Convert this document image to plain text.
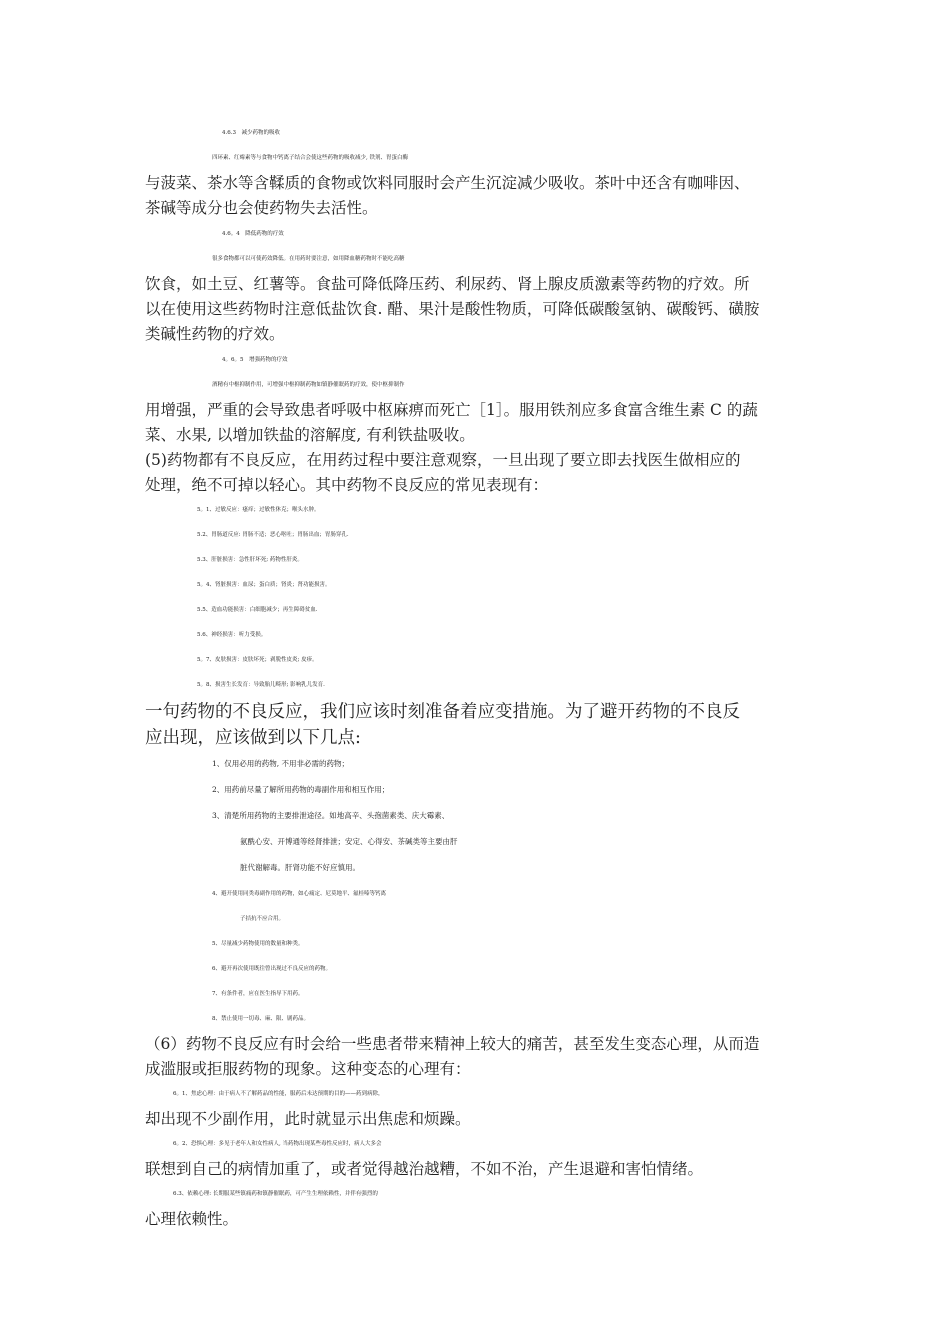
4.6.3　减少药物的吸收
四环素、红霉素等与食物中钙离子结合会使这些药物的吸收减少, 铁剂、胃蛋白酶
与菠菜、茶水等含鞣质的食物或饮料同服时会产生沉淀减少吸收。茶叶中还含有咖啡因、
茶碱等成分也会使药物失去活性。
4.6。4　降低药物的疗效
很多食物都可以可使药效降低。在用药时要注意，如用降血糖药物时不能吃高糖
饮食，如土豆、红薯等。食盐可降低降压药、利尿药、肾上腺皮质激素等药物的疗效。所
以在使用这些药物时注意低盐饮食. 醋、果汁是酸性物质，可降低碳酸氢钠、碳酸钙、磺胺
类碱性药物的疗效。
4。6。5　增强药物的疗效
酒精有中枢抑制作用，可增强中枢抑制药物如镇静催眠药的疗效，使中枢抑制作
用增强，严重的会导致患者呼吸中枢麻痹而死亡［1］。服用铁剂应多食富含维生素 C 的蔬
菜、水果, 以增加铁盐的溶解度, 有利铁盐吸收。
(5)药物都有不良反应，在用药过程中要注意观察，一旦出现了要立即去找医生做相应的
处理，绝不可掉以轻心。其中药物不良反应的常见表现有：
5。1、过敏反应：瘙痒；过敏性休克；喉头水肿。
5.2、胃肠道反应: 胃肠不适；恶心呕吐；胃肠出血；胃肠穿孔.
5.3、肝脏损害：急性肝坏死; 药物性肝炎。
5。4、肾脏损害：血尿；蛋白质；肾炎；肾功能损害。
5.5、造血功能损害：白细胞减少；再生障碍贫血.
5.6、神经损害：听力受损。
5。7、皮肤损害：皮肤坏死；剥脱性皮炎; 皮疹。
5。8、损害生长发育：导致胎儿畸形; 影响乳儿发育.
一句药物的不良反应，我们应该时刻准备着应变措施。为了避开药物的不良反
应出现，应该做到以下几点:
1、仅用必用的药物, 不用非必需的药物；
2、用药前尽量了解所用药物的毒副作用和相互作用；
3、清楚所用药物的主要排泄途径。如地高辛、头孢菌素类、庆大霉素、
氨酰心安、开博通等经肾排泄；安定、心得安、茶碱类等主要由肝
脏代谢解毒。肝肾功能不好应慎用。
4、避开使用同类毒副作用的药物，如心痛定、尼莫地平、氟桂嗪等钙离
子拮抗不应合用。
5、尽量减少药物使用的数量和种类。
6、避开再次使用既往曾出现过不良反应的药物。
7、有条件者，应在医生指导下用药。
8、禁止使用一切毒、麻、限、剧药品。
（6）药物不良反应有时会给一些患者带来精神上较大的痛苦，甚至发生变态心理，从而造
成滥服或拒服药物的现象。这种变态的心理有：
6。1、焦虑心理：由于病人不了解药品的性能，服药后未达预期的目的——药到病除，
却出现不少副作用，此时就显示出焦虑和烦躁。
6。2、恐惧心理：多见于老年人和女性病人, 当药物出现某些毒性反应时，病人大多会
联想到自己的病情加重了，或者觉得越治越糟，不如不治，产生退避和害怕情绪。
6.3、依赖心理: 长期服某些镇痛药和镇静催眠药，可产生生理依赖性，并伴有强烈的
心理依赖性。
